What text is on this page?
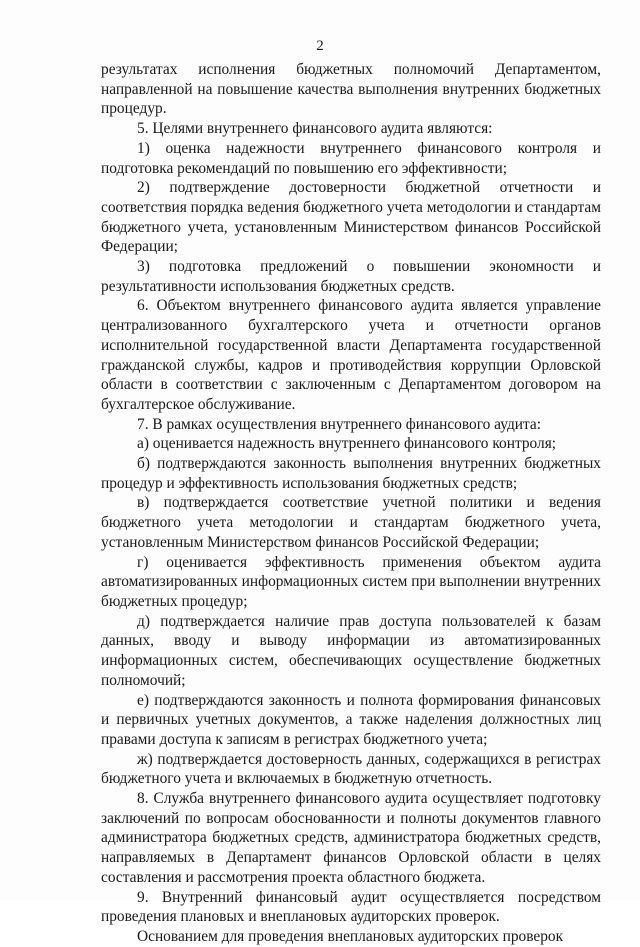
2

результатах исполнения бюджетных полномочий Департаментом, направленной на повышение качества выполнения внутренних бюджетных процедур.

5. Целями внутреннего финансового аудита являются:

1) оценка надежности внутреннего финансового контроля и подготовка рекомендаций по повышению его эффективности;

2) подтверждение достоверности бюджетной отчетности и соответствия порядка ведения бюджетного учета методологии и стандартам бюджетного учета, установленным Министерством финансов Российской Федерации;

3) подготовка предложений о повышении экономности и результативности использования бюджетных средств.

6. Объектом внутреннего финансового аудита является управление централизованного бухгалтерского учета и отчетности органов исполнительной государственной власти Департамента государственной гражданской службы, кадров и противодействия коррупции Орловской области в соответствии с заключенным с Департаментом договором на бухгалтерское обслуживание.

7. В рамках осуществления внутреннего финансового аудита:

а) оценивается надежность внутреннего финансового контроля;

б) подтверждаются законность выполнения внутренних бюджетных процедур и эффективность использования бюджетных средств;

в) подтверждается соответствие учетной политики и ведения бюджетного учета методологии и стандартам бюджетного учета, установленным Министерством финансов Российской Федерации;

г) оценивается эффективность применения объектом аудита автоматизированных информационных систем при выполнении внутренних бюджетных процедур;

д) подтверждается наличие прав доступа пользователей к базам данных, вводу и выводу информации из автоматизированных информационных систем, обеспечивающих осуществление бюджетных полномочий;

е) подтверждаются законность и полнота формирования финансовых и первичных учетных документов, а также наделения должностных лиц правами доступа к записям в регистрах бюджетного учета;

ж) подтверждается достоверность данных, содержащихся в регистрах бюджетного учета и включаемых в бюджетную отчетность.

8. Служба внутреннего финансового аудита осуществляет подготовку заключений по вопросам обоснованности и полноты документов главного администратора бюджетных средств, администратора бюджетных средств, направляемых в Департамент финансов Орловской области в целях составления и рассмотрения проекта областного бюджета.

9. Внутренний финансовый аудит осуществляется посредством проведения плановых и внеплановых аудиторских проверок.

Основанием для проведения внеплановых аудиторских проверок
